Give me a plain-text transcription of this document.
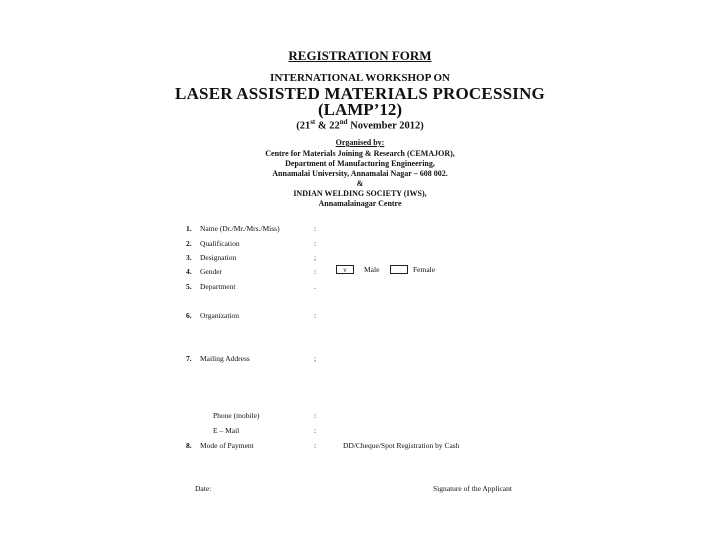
REGISTRATION FORM
INTERNATIONAL WORKSHOP ON
LASER ASSISTED MATERIALS PROCESSING
(LAMP’12)
(21st & 22nd November 2012)
Organised by:
Centre for Materials Joining & Research (CEMAJOR),
Department of Manufacturing Engineering,
Annamalai University, Annamalai Nagar – 608 002.
&
INDIAN WELDING SOCIETY (IWS),
Annamalainagar Centre
1. Name (Dr./Mr./Mrs./Miss)	:
2. Qualification	:
3. Designation	;
4. Gender	:	v	Male	Female
5. Department	.
6. Organization	:
7. Mailing Address	;
Phone (mobile)	:
E – Mail	:
8. Mode of Payment	:	DD/Cheque/Spot Registration by Cash
Date:	Signature of the Applicant
